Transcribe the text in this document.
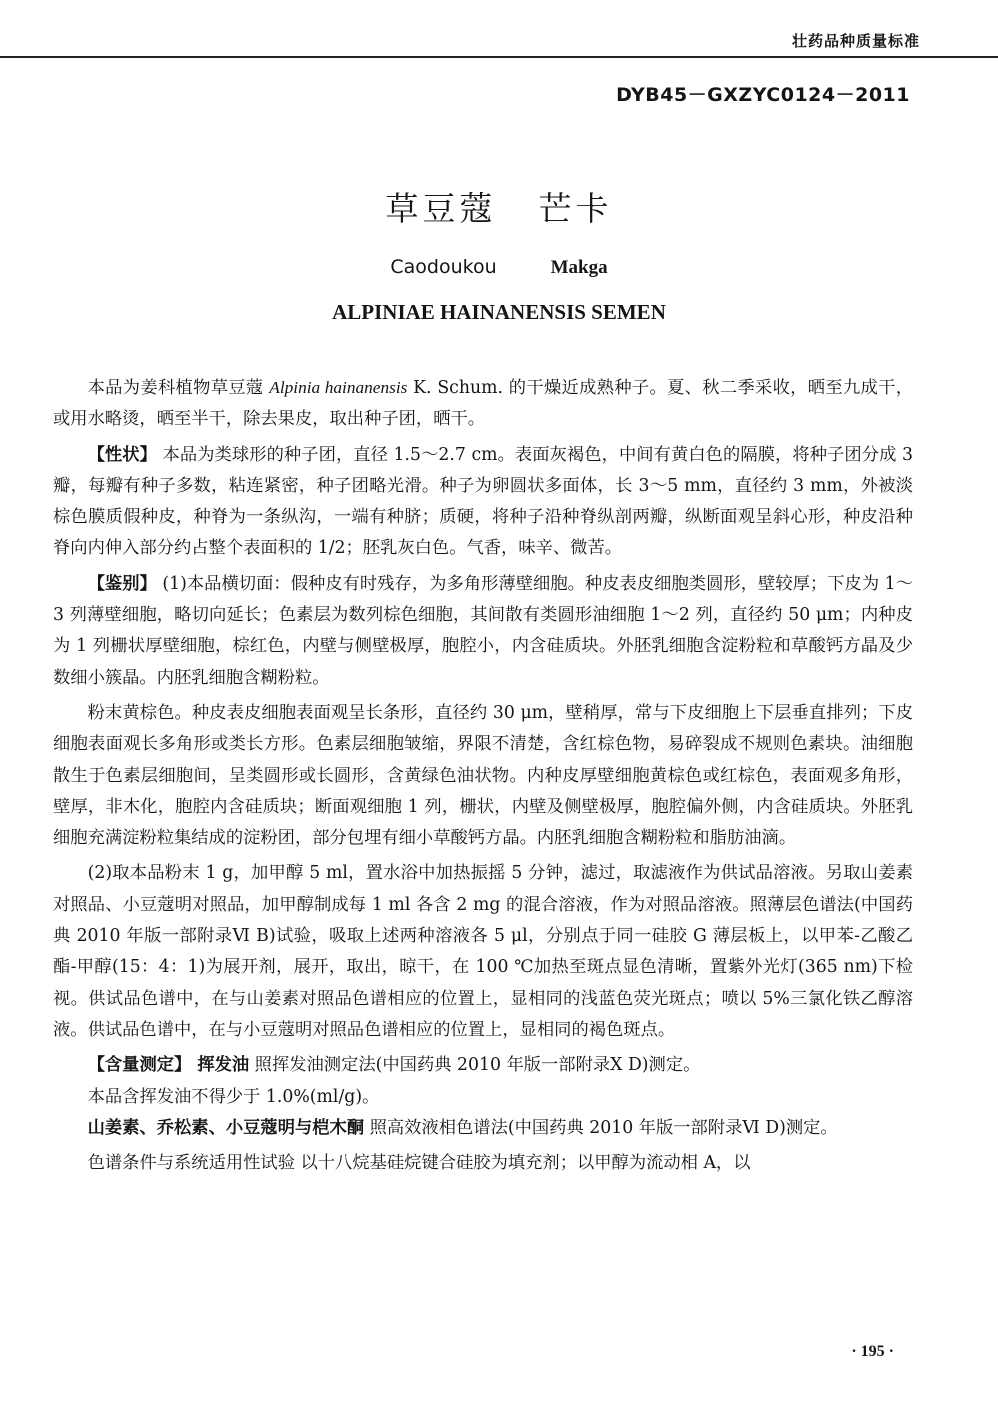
壮药品种质量标准
DYB45－GXZYC0124－2011
草豆蔻 芒卡
Caodoukou	Makga
ALPINIAE HAINANENSIS SEMEN

本品为姜科植物草豆蔻 Alpinia hainanensis K. Schum. 的干燥近成熟种子。夏、秋二季采收，晒至九成干，或用水略烫，晒至半干，除去果皮，取出种子团，晒干。

【性状】 本品为类球形的种子团，直径 1.5～2.7 cm。表面灰褐色，中间有黄白色的隔膜，将种子团分成 3 瓣，每瓣有种子多数，粘连紧密，种子团略光滑。种子为卵圆状多面体，长 3～5 mm，直径约 3 mm，外被淡棕色膜质假种皮，种脊为一条纵沟，一端有种脐；质硬，将种子沿种脊纵剖两瓣，纵断面观呈斜心形，种皮沿种脊向内伸入部分约占整个表面积的 1/2；胚乳灰白色。气香，味辛、微苦。

【鉴别】 (1)本品横切面：假种皮有时残存，为多角形薄壁细胞。种皮表皮细胞类圆形，壁较厚；下皮为 1～3 列薄壁细胞，略切向延长；色素层为数列棕色细胞，其间散有类圆形油细胞 1～2 列，直径约 50 μm；内种皮为 1 列栅状厚壁细胞，棕红色，内壁与侧壁极厚，胞腔小，内含硅质块。外胚乳细胞含淀粉粒和草酸钙方晶及少数细小簇晶。内胚乳细胞含糊粉粒。

粉末黄棕色。种皮表皮细胞表面观呈长条形，直径约 30 μm，壁稍厚，常与下皮细胞上下层垂直排列；下皮细胞表面观长多角形或类长方形。色素层细胞皱缩，界限不清楚，含红棕色物，易碎裂成不规则色素块。油细胞散生于色素层细胞间，呈类圆形或长圆形，含黄绿色油状物。内种皮厚壁细胞黄棕色或红棕色，表面观多角形，壁厚，非木化，胞腔内含硅质块；断面观细胞 1 列，栅状，内壁及侧壁极厚，胞腔偏外侧，内含硅质块。外胚乳细胞充满淀粉粒集结成的淀粉团，部分包埋有细小草酸钙方晶。内胚乳细胞含糊粉粒和脂肪油滴。

(2)取本品粉末 1 g，加甲醇 5 ml，置水浴中加热振摇 5 分钟，滤过，取滤液作为供试品溶液。另取山姜素对照品、小豆蔻明对照品，加甲醇制成每 1 ml 各含 2 mg 的混合溶液，作为对照品溶液。照薄层色谱法(中国药典 2010 年版一部附录Ⅵ B)试验，吸取上述两种溶液各 5 μl，分别点于同一硅胶 G 薄层板上，以甲苯-乙酸乙酯-甲醇(15：4：1)为展开剂，展开，取出，晾干，在 100 ℃加热至斑点显色清晰，置紫外光灯(365 nm)下检视。供试品色谱中，在与山姜素对照品色谱相应的位置上，显相同的浅蓝色荧光斑点；喷以 5%三氯化铁乙醇溶液。供试品色谱中，在与小豆蔻明对照品色谱相应的位置上，显相同的褐色斑点。

【含量测定】 挥发油 照挥发油测定法(中国药典 2010 年版一部附录Ⅹ D)测定。

本品含挥发油不得少于 1.0%(ml/g)。

山姜素、乔松素、小豆蔻明与桤木酮 照高效液相色谱法(中国药典 2010 年版一部附录Ⅵ D)测定。

色谱条件与系统适用性试验 以十八烷基硅烷键合硅胶为填充剂；以甲醇为流动相 A，以

· 195 ·
